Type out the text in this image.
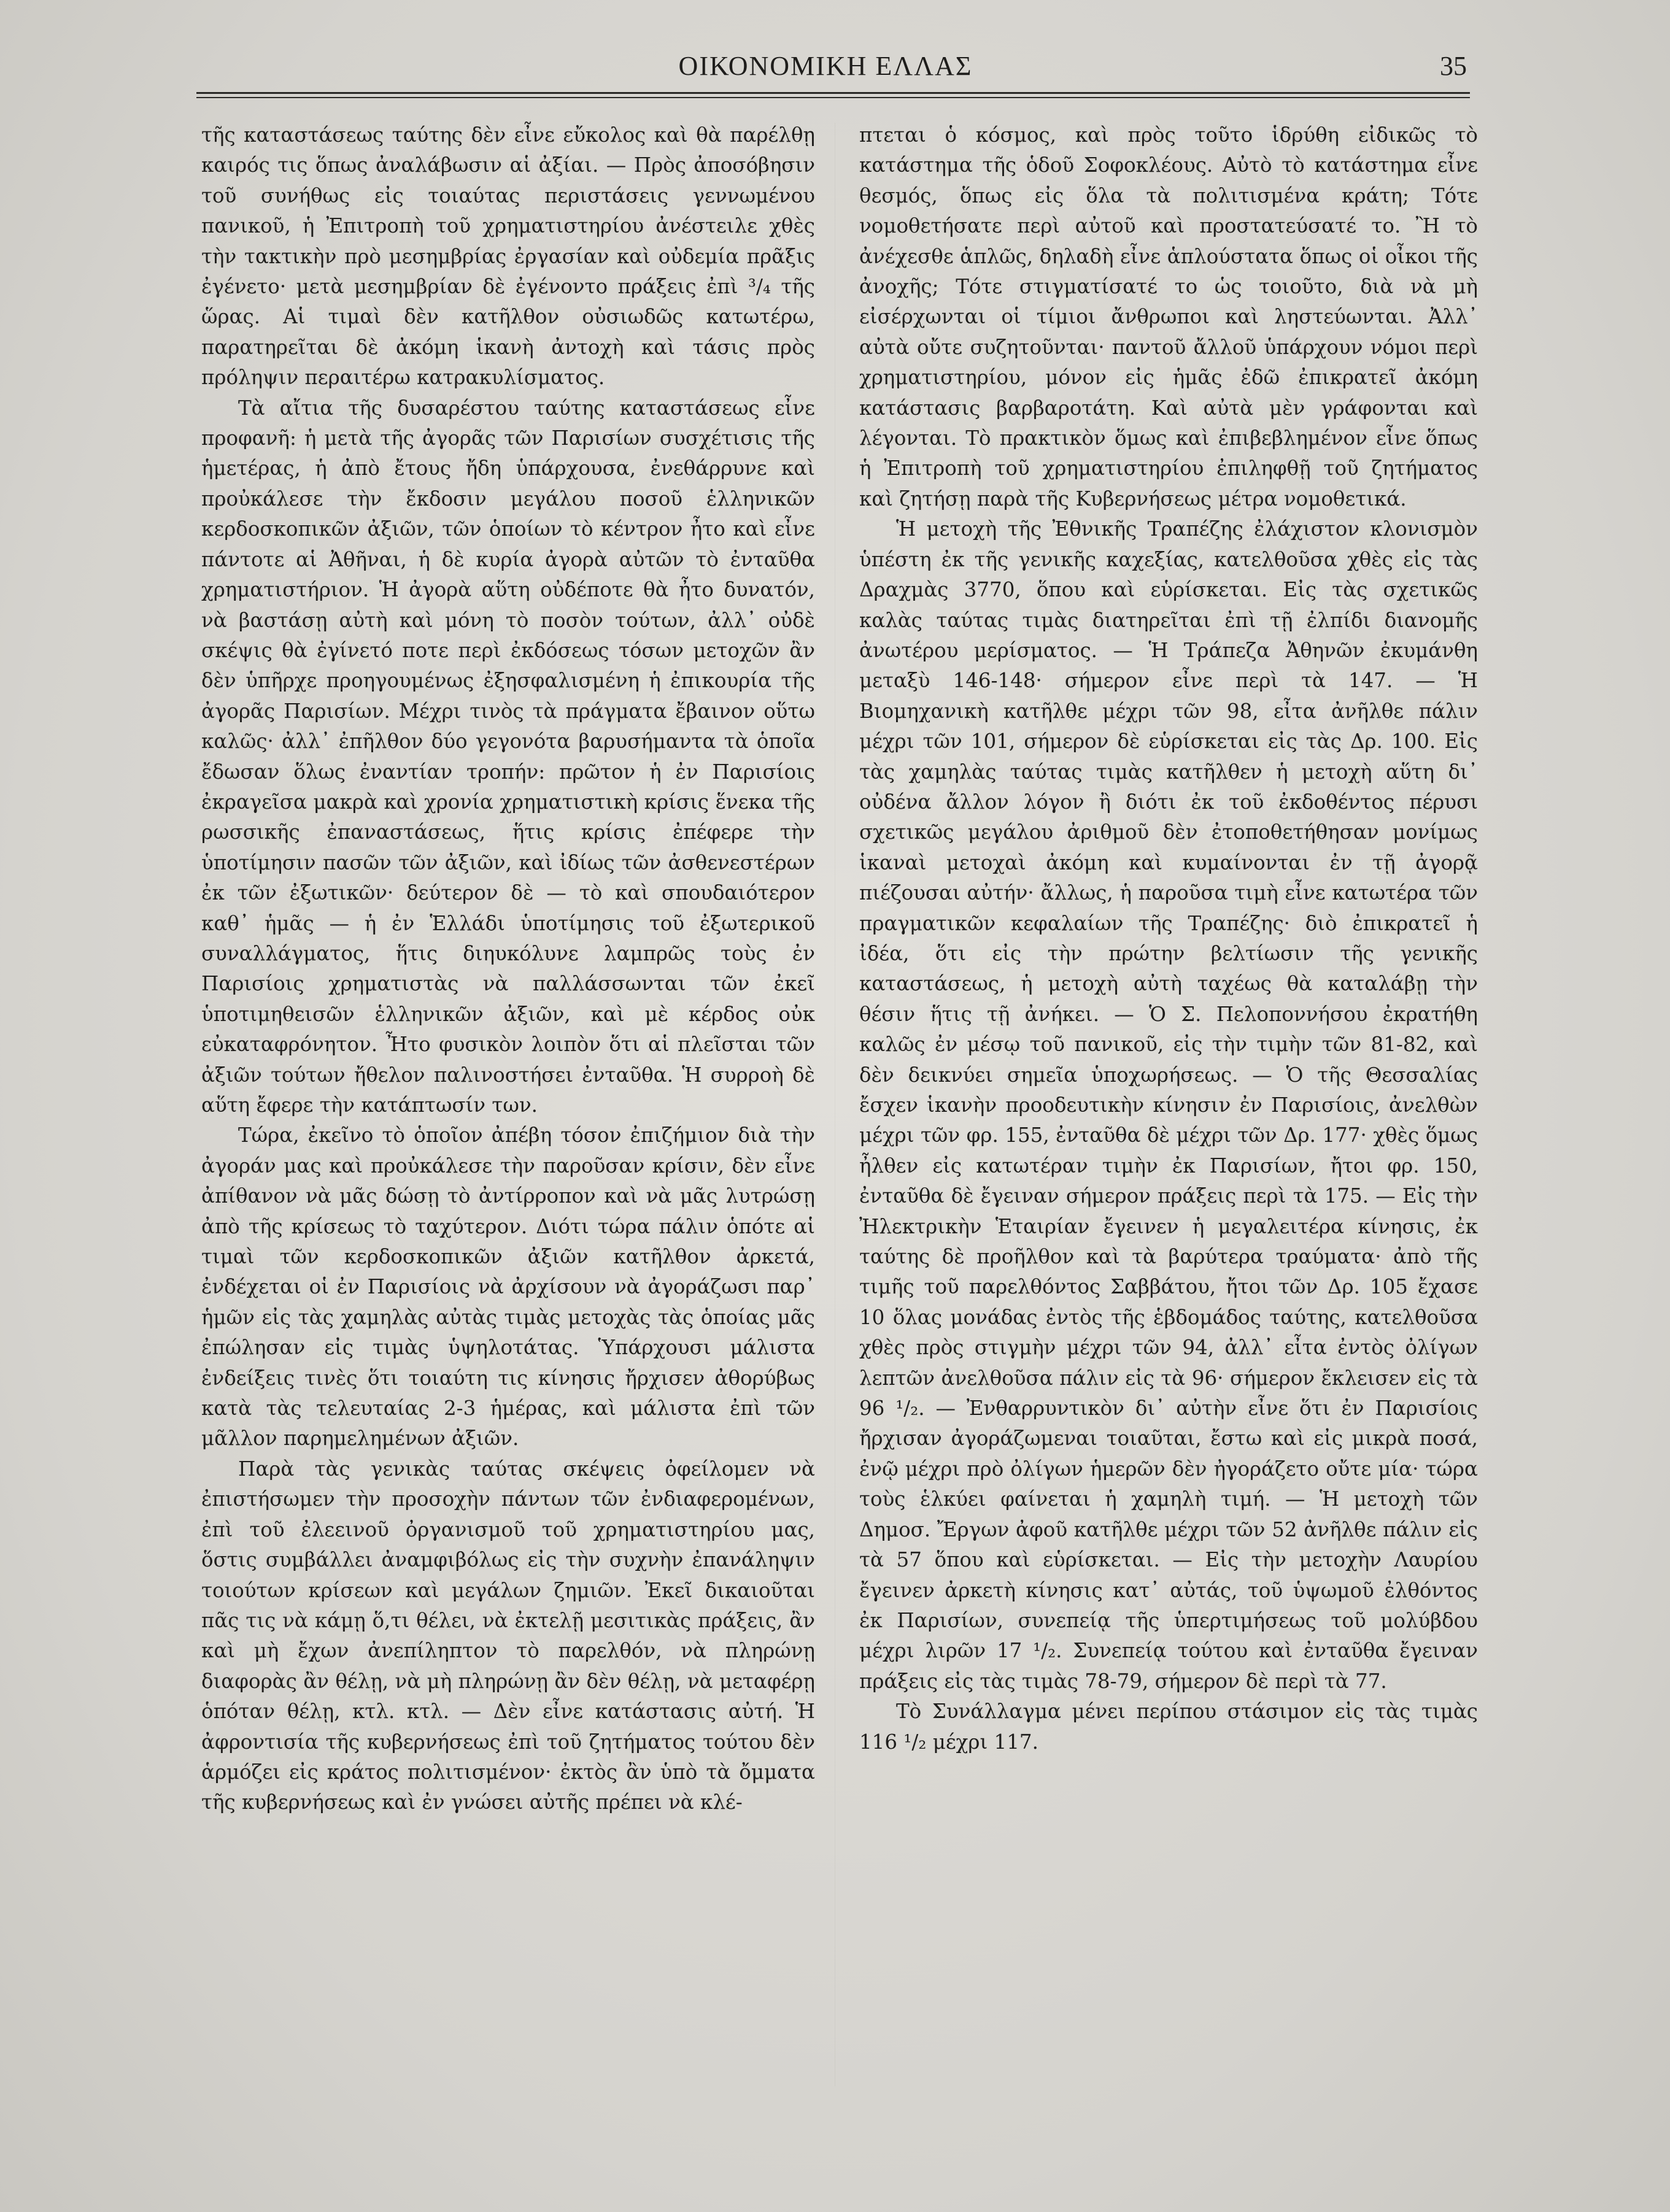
ΟΙΚΟΝΟΜΙΚΗ ΕΛΛΑΣ	35

τῆς καταστάσεως ταύτης δὲν εἶνε εὔκολος καὶ θὰ παρέλθῃ καιρός τις ὅπως ἀναλάβωσιν αἱ ἀξίαι. — Πρὸς ἀποσόβησιν τοῦ συνήθως εἰς τοιαύτας περιστάσεις γεννωμένου πανικοῦ, ἡ Ἐπιτροπὴ τοῦ χρηματιστηρίου ἀνέστειλε χθὲς τὴν τακτικὴν πρὸ μεσημβρίας ἐργασίαν καὶ οὐδεμία πρᾶξις ἐγένετο· μετὰ μεσημβρίαν δὲ ἐγένοντο πράξεις ἐπὶ ³/₄ τῆς ὥρας. Αἱ τιμαὶ δὲν κατῆλθον οὐσιωδῶς κατωτέρω, παρατηρεῖται δὲ ἀκόμη ἱκανὴ ἀντοχὴ καὶ τάσις πρὸς πρόληψιν περαιτέρω κατρακυλίσματος.

Τὰ αἴτια τῆς δυσαρέστου ταύτης καταστάσεως εἶνε προφανῆ: ἡ μετὰ τῆς ἀγορᾶς τῶν Παρισίων συσχέτισις τῆς ἡμετέρας, ἡ ἀπὸ ἔτους ἤδη ὑπάρχουσα, ἐνεθάρρυνε καὶ προὐκάλεσε τὴν ἔκδοσιν μεγάλου ποσοῦ ἑλληνικῶν κερδοσκοπικῶν ἀξιῶν, τῶν ὁποίων τὸ κέντρον ἦτο καὶ εἶνε πάντοτε αἱ Ἀθῆναι, ἡ δὲ κυρία ἀγορὰ αὐτῶν τὸ ἐνταῦθα χρηματιστήριον. Ἡ ἀγορὰ αὕτη οὐδέποτε θὰ ἦτο δυνατόν, νὰ βαστάσῃ αὐτὴ καὶ μόνη τὸ ποσὸν τούτων, ἀλλ᾽ οὐδὲ σκέψις θὰ ἐγίνετό ποτε περὶ ἐκδόσεως τόσων μετοχῶν ἂν δὲν ὑπῆρχε προηγουμένως ἐξησφαλισμένη ἡ ἐπικουρία τῆς ἀγορᾶς Παρισίων. Μέχρι τινὸς τὰ πράγματα ἔβαινον οὕτω καλῶς· ἀλλ᾽ ἐπῆλθον δύο γεγονότα βαρυσήμαντα τὰ ὁποῖα ἔδωσαν ὅλως ἐναντίαν τροπήν: πρῶτον ἡ ἐν Παρισίοις ἐκραγεῖσα μακρὰ καὶ χρονία χρηματιστικὴ κρίσις ἕνεκα τῆς ρωσσικῆς ἐπαναστάσεως, ἥτις κρίσις ἐπέφερε τὴν ὑποτίμησιν πασῶν τῶν ἀξιῶν, καὶ ἰδίως τῶν ἀσθενεστέρων ἐκ τῶν ἐξωτικῶν· δεύτερον δὲ — τὸ καὶ σπουδαιότερον καθ᾽ ἡμᾶς — ἡ ἐν Ἑλλάδι ὑποτίμησις τοῦ ἐξωτερικοῦ συναλλάγματος, ἥτις διηυκόλυνε λαμπρῶς τοὺς ἐν Παρισίοις χρηματιστὰς νὰ παλλάσσωνται τῶν ἐκεῖ ὑποτιμηθεισῶν ἑλληνικῶν ἀξιῶν, καὶ μὲ κέρδος οὐκ εὐκαταφρόνητον. Ἦτο φυσικὸν λοιπὸν ὅτι αἱ πλεῖσται τῶν ἀξιῶν τούτων ἤθελον παλινοστήσει ἐνταῦθα. Ἡ συρροὴ δὲ αὕτη ἔφερε τὴν κατάπτωσίν των.

Τώρα, ἐκεῖνο τὸ ὁποῖον ἀπέβη τόσον ἐπιζήμιον διὰ τὴν ἀγοράν μας καὶ προὐκάλεσε τὴν παροῦσαν κρίσιν, δὲν εἶνε ἀπίθανον νὰ μᾶς δώσῃ τὸ ἀντίρροπον καὶ νὰ μᾶς λυτρώσῃ ἀπὸ τῆς κρίσεως τὸ ταχύτερον. Διότι τώρα πάλιν ὁπότε αἱ τιμαὶ τῶν κερδοσκοπικῶν ἀξιῶν κατῆλθον ἀρκετά, ἐνδέχεται οἱ ἐν Παρισίοις νὰ ἀρχίσουν νὰ ἀγοράζωσι παρ᾽ ἡμῶν εἰς τὰς χαμηλὰς αὐτὰς τιμὰς μετοχὰς τὰς ὁποίας μᾶς ἐπώλησαν εἰς τιμὰς ὑψηλοτάτας. Ὑπάρχουσι μάλιστα ἐνδείξεις τινὲς ὅτι τοιαύτη τις κίνησις ἤρχισεν ἀθορύβως κατὰ τὰς τελευταίας 2-3 ἡμέρας, καὶ μάλιστα ἐπὶ τῶν μᾶλλον παρημελημένων ἀξιῶν.

Παρὰ τὰς γενικὰς ταύτας σκέψεις ὀφείλομεν νὰ ἐπιστήσωμεν τὴν προσοχὴν πάντων τῶν ἐνδιαφερομένων, ἐπὶ τοῦ ἐλεεινοῦ ὀργανισμοῦ τοῦ χρηματιστηρίου μας, ὅστις συμβάλλει ἀναμφιβόλως εἰς τὴν συχνὴν ἐπανάληψιν τοιούτων κρίσεων καὶ μεγάλων ζημιῶν. Ἐκεῖ δικαιοῦται πᾶς τις νὰ κάμῃ ὅ,τι θέλει, νὰ ἐκτελῇ μεσιτικὰς πράξεις, ἂν καὶ μὴ ἔχων ἀνεπίληπτον τὸ παρελθόν, νὰ πληρώνῃ διαφορὰς ἂν θέλῃ, νὰ μὴ πληρώνῃ ἂν δὲν θέλῃ, νὰ μεταφέρῃ ὁπόταν θέλῃ, κτλ. κτλ. — Δὲν εἶνε κατάστασις αὐτή. Ἡ ἀφροντισία τῆς κυβερνήσεως ἐπὶ τοῦ ζητήματος τούτου δὲν ἁρμόζει εἰς κράτος πολιτισμένον· ἐκτὸς ἂν ὑπὸ τὰ ὄμματα τῆς κυβερνήσεως καὶ ἐν γνώσει αὐτῆς πρέπει νὰ κλέ-

πτεται ὁ κόσμος, καὶ πρὸς τοῦτο ἱδρύθη εἰδικῶς τὸ κατάστημα τῆς ὁδοῦ Σοφοκλέους. Αὐτὸ τὸ κατάστημα εἶνε θεσμός, ὅπως εἰς ὅλα τὰ πολιτισμένα κράτη; Τότε νομοθετήσατε περὶ αὐτοῦ καὶ προστατεύσατέ το. Ἢ τὸ ἀνέχεσθε ἁπλῶς, δηλαδὴ εἶνε ἁπλούστατα ὅπως οἱ οἶκοι τῆς ἀνοχῆς; Τότε στιγματίσατέ το ὡς τοιοῦτο, διὰ νὰ μὴ εἰσέρχωνται οἱ τίμιοι ἄνθρωποι καὶ ληστεύωνται. Ἀλλ᾽ αὐτὰ οὔτε συζητοῦνται· παντοῦ ἄλλοῦ ὑπάρχουν νόμοι περὶ χρηματιστηρίου, μόνον εἰς ἡμᾶς ἐδῶ ἐπικρατεῖ ἀκόμη κατάστασις βαρβαροτάτη. Καὶ αὐτὰ μὲν γράφονται καὶ λέγονται. Τὸ πρακτικὸν ὅμως καὶ ἐπιβεβλημένον εἶνε ὅπως ἡ Ἐπιτροπὴ τοῦ χρηματιστηρίου ἐπιληφθῇ τοῦ ζητήματος καὶ ζητήσῃ παρὰ τῆς Κυβερνήσεως μέτρα νομοθετικά.

Ἡ μετοχὴ τῆς Ἐθνικῆς Τραπέζης ἐλάχιστον κλονισμὸν ὑπέστη ἐκ τῆς γενικῆς καχεξίας, κατελθοῦσα χθὲς εἰς τὰς Δραχμὰς 3770, ὅπου καὶ εὑρίσκεται. Εἰς τὰς σχετικῶς καλὰς ταύτας τιμὰς διατηρεῖται ἐπὶ τῇ ἐλπίδι διανομῆς ἀνωτέρου μερίσματος. — Ἡ Τράπεζα Ἀθηνῶν ἐκυμάνθη μεταξὺ 146-148· σήμερον εἶνε περὶ τὰ 147. — Ἡ Βιομηχανικὴ κατῆλθε μέχρι τῶν 98, εἶτα ἀνῆλθε πάλιν μέχρι τῶν 101, σήμερον δὲ εὑρίσκεται εἰς τὰς Δρ. 100. Εἰς τὰς χαμηλὰς ταύτας τιμὰς κατῆλθεν ἡ μετοχὴ αὕτη δι᾽ οὐδένα ἄλλον λόγον ἢ διότι ἐκ τοῦ ἐκδοθέντος πέρυσι σχετικῶς μεγάλου ἀριθμοῦ δὲν ἐτοποθετήθησαν μονίμως ἱκαναὶ μετοχαὶ ἀκόμη καὶ κυμαίνονται ἐν τῇ ἀγορᾷ πιέζουσαι αὐτήν· ἄλλως, ἡ παροῦσα τιμὴ εἶνε κατωτέρα τῶν πραγματικῶν κεφαλαίων τῆς Τραπέζης· διὸ ἐπικρατεῖ ἡ ἰδέα, ὅτι εἰς τὴν πρώτην βελτίωσιν τῆς γενικῆς καταστάσεως, ἡ μετοχὴ αὐτὴ ταχέως θὰ καταλάβῃ τὴν θέσιν ἥτις τῇ ἀνήκει. — Ὁ Σ. Πελοποννήσου ἐκρατήθη καλῶς ἐν μέσῳ τοῦ πανικοῦ, εἰς τὴν τιμὴν τῶν 81-82, καὶ δὲν δεικνύει σημεῖα ὑποχωρήσεως. — Ὁ τῆς Θεσσαλίας ἔσχεν ἱκανὴν προοδευτικὴν κίνησιν ἐν Παρισίοις, ἀνελθὼν μέχρι τῶν φρ. 155, ἐνταῦθα δὲ μέχρι τῶν Δρ. 177· χθὲς ὅμως ἦλθεν εἰς κατωτέραν τιμὴν ἐκ Παρισίων, ἤτοι φρ. 150, ἐνταῦθα δὲ ἔγειναν σήμερον πράξεις περὶ τὰ 175. — Εἰς τὴν Ἠλεκτρικὴν Ἑταιρίαν ἔγεινεν ἡ μεγαλειτέρα κίνησις, ἐκ ταύτης δὲ προῆλθον καὶ τὰ βαρύτερα τραύματα· ἀπὸ τῆς τιμῆς τοῦ παρελθόντος Σαββάτου, ἤτοι τῶν Δρ. 105 ἔχασε 10 ὅλας μονάδας ἐντὸς τῆς ἑβδομάδος ταύτης, κατελθοῦσα χθὲς πρὸς στιγμὴν μέχρι τῶν 94, ἀλλ᾽ εἶτα ἐντὸς ὀλίγων λεπτῶν ἀνελθοῦσα πάλιν εἰς τὰ 96· σήμερον ἔκλεισεν εἰς τὰ 96 ¹/₂. — Ἐνθαρρυντικὸν δι᾽ αὐτὴν εἶνε ὅτι ἐν Παρισίοις ἤρχισαν ἀγοράζωμεναι τοιαῦται, ἔστω καὶ εἰς μικρὰ ποσά, ἐνῷ μέχρι πρὸ ὀλίγων ἡμερῶν δὲν ἠγοράζετο οὔτε μία· τώρα τοὺς ἑλκύει φαίνεται ἡ χαμηλὴ τιμή. — Ἡ μετοχὴ τῶν Δημοσ. Ἔργων ἀφοῦ κατῆλθε μέχρι τῶν 52 ἀνῆλθε πάλιν εἰς τὰ 57 ὅπου καὶ εὑρίσκεται. — Εἰς τὴν μετοχὴν Λαυρίου ἔγεινεν ἀρκετὴ κίνησις κατ᾽ αὐτάς, τοῦ ὑψωμοῦ ἐλθόντος ἐκ Παρισίων, συνεπείᾳ τῆς ὑπερτιμήσεως τοῦ μολύβδου μέχρι λιρῶν 17 ¹/₂. Συνεπείᾳ τούτου καὶ ἐνταῦθα ἔγειναν πράξεις εἰς τὰς τιμὰς 78-79, σήμερον δὲ περὶ τὰ 77.

Τὸ Συνάλλαγμα μένει περίπου στάσιμον εἰς τὰς τιμὰς 116 ¹/₂ μέχρι 117.
